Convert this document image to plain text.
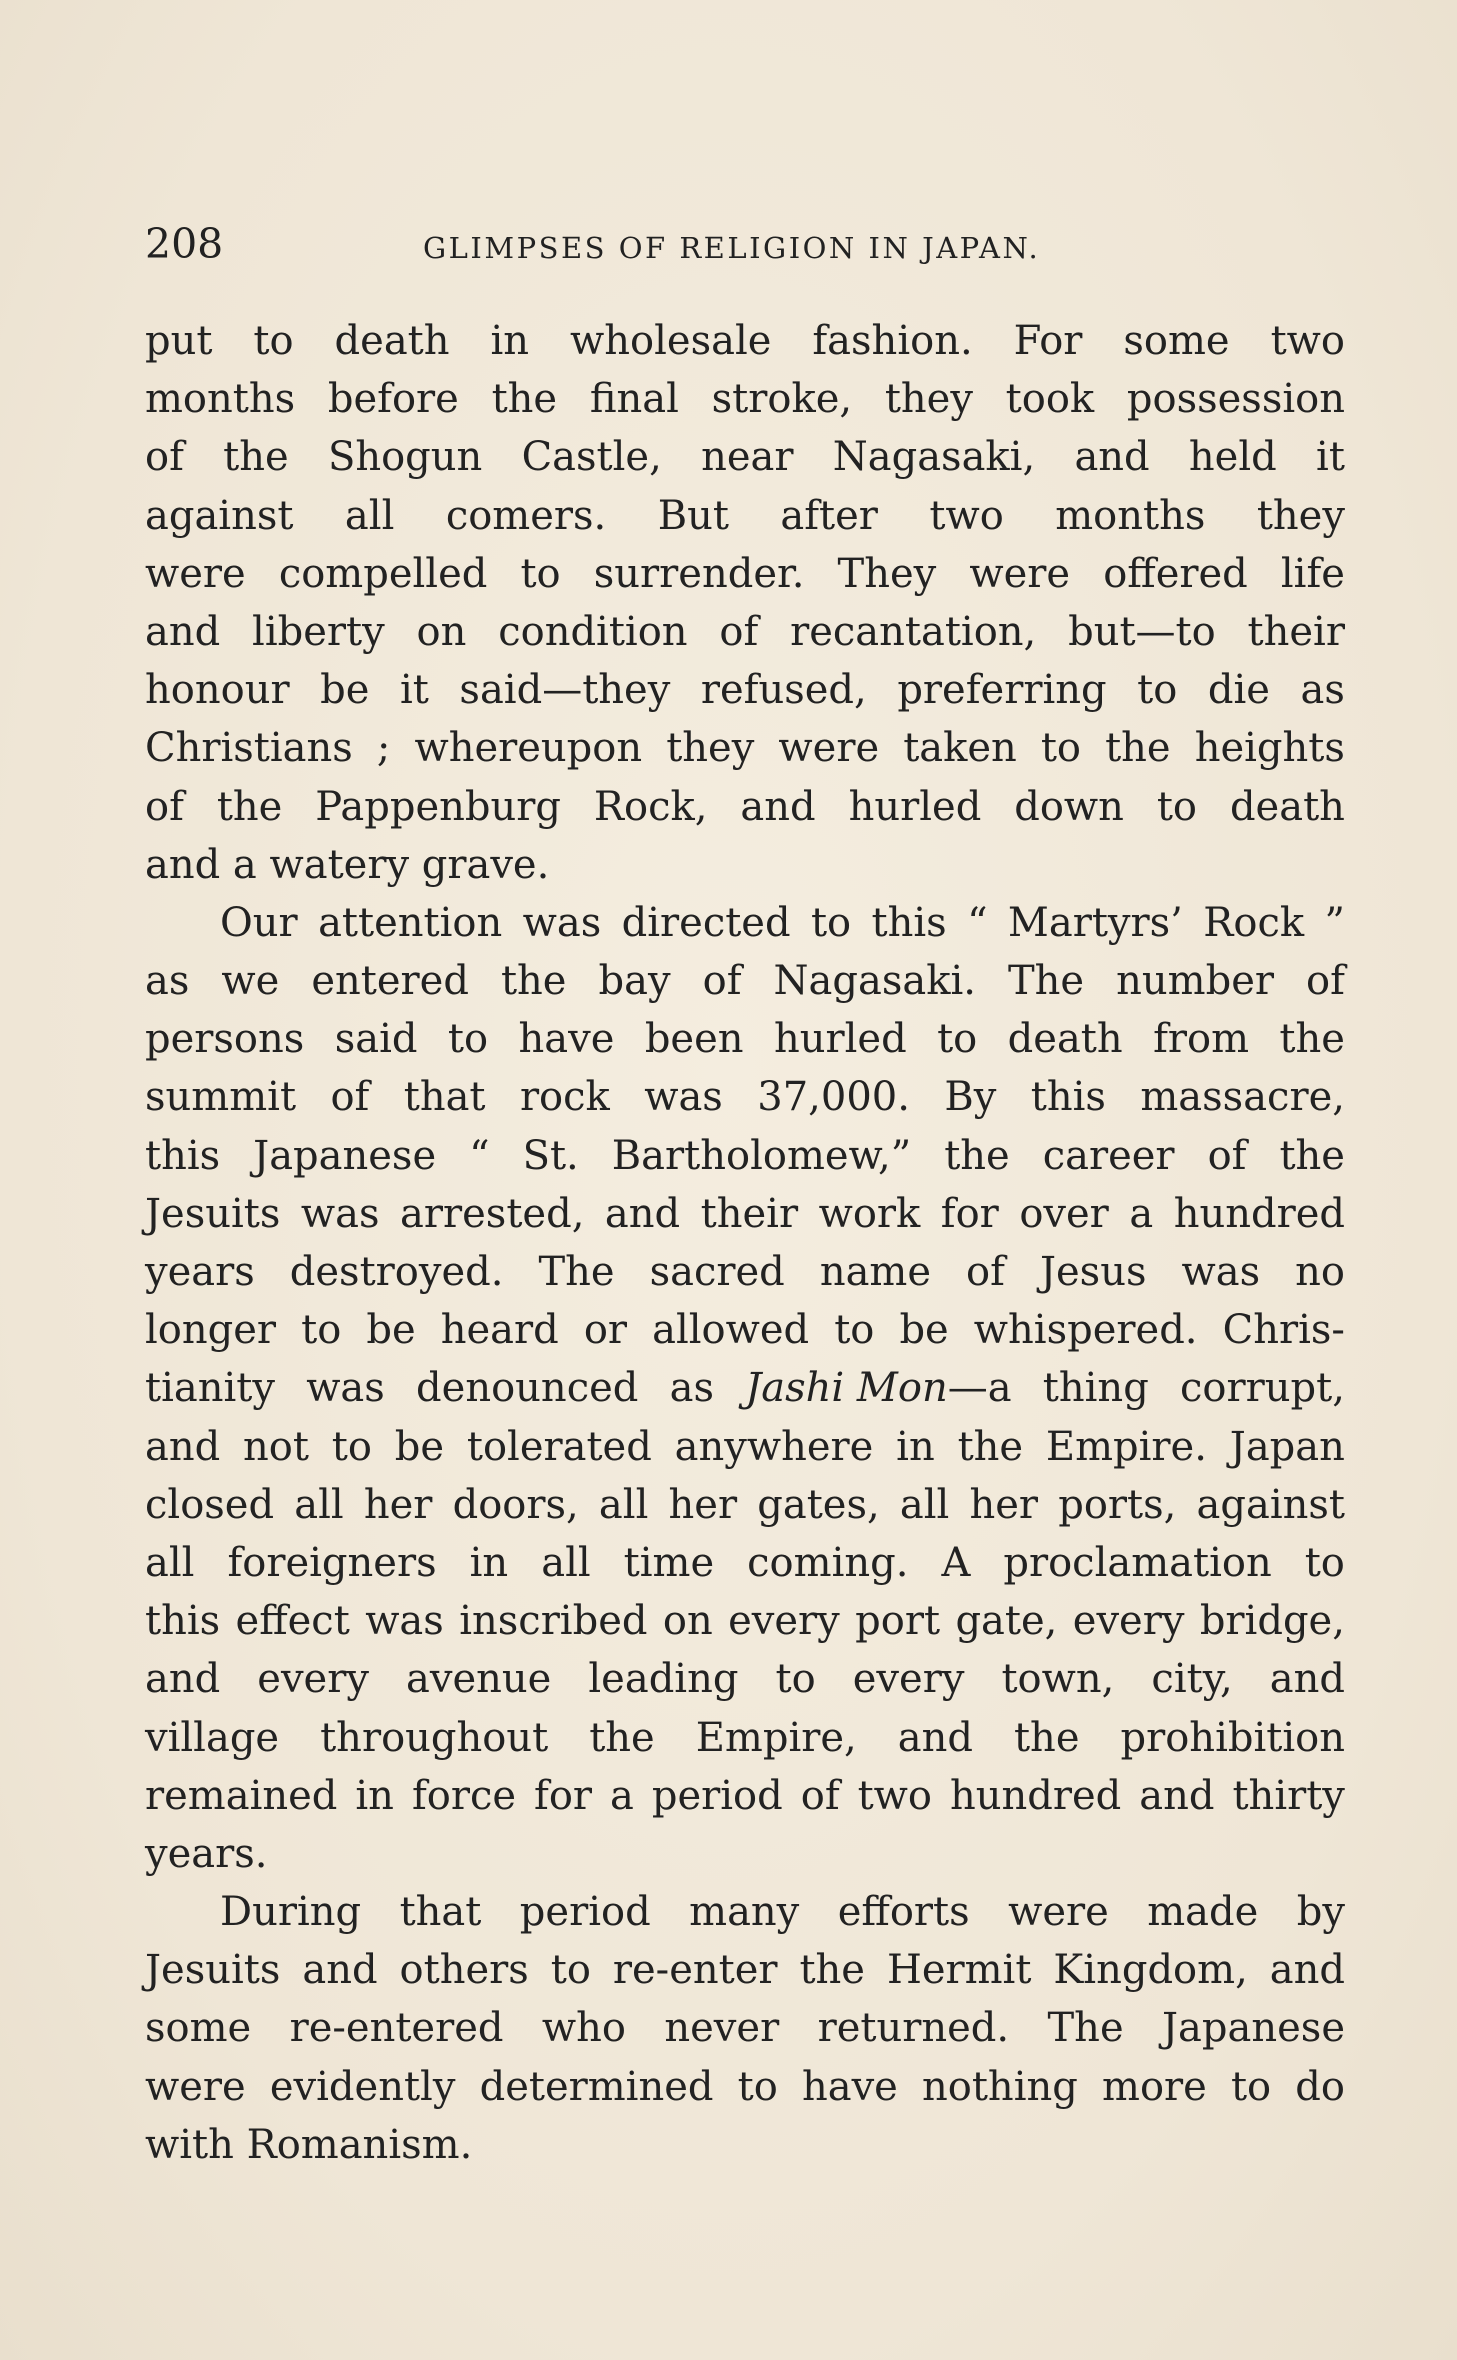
208	GLIMPSES OF RELIGION IN JAPAN.
put to death in wholesale fashion. For some two
months before the final stroke, they took possession
of the Shogun Castle, near Nagasaki, and held it
against all comers. But after two months they
were compelled to surrender. They were offered life
and liberty on condition of recantation, but—to their
honour be it said—they refused, preferring to die as
Christians ; whereupon they were taken to the heights
of the Pappenburg Rock, and hurled down to death
and a watery grave.
Our attention was directed to this “ Martyrs’ Rock ”
as we entered the bay of Nagasaki. The number of
persons said to have been hurled to death from the
summit of that rock was 37,000. By this massacre,
this Japanese “ St. Bartholomew,” the career of the
Jesuits was arrested, and their work for over a hundred
years destroyed. The sacred name of Jesus was no
longer to be heard or allowed to be whispered. Chris-
tianity was denounced as Jashi Mon—a thing corrupt,
and not to be tolerated anywhere in the Empire. Japan
closed all her doors, all her gates, all her ports, against
all foreigners in all time coming. A proclamation to
this effect was inscribed on every port gate, every bridge,
and every avenue leading to every town, city, and
village throughout the Empire, and the prohibition
remained in force for a period of two hundred and thirty
years.
During that period many efforts were made by
Jesuits and others to re-enter the Hermit Kingdom, and
some re-entered who never returned. The Japanese
were evidently determined to have nothing more to do
with Romanism.
